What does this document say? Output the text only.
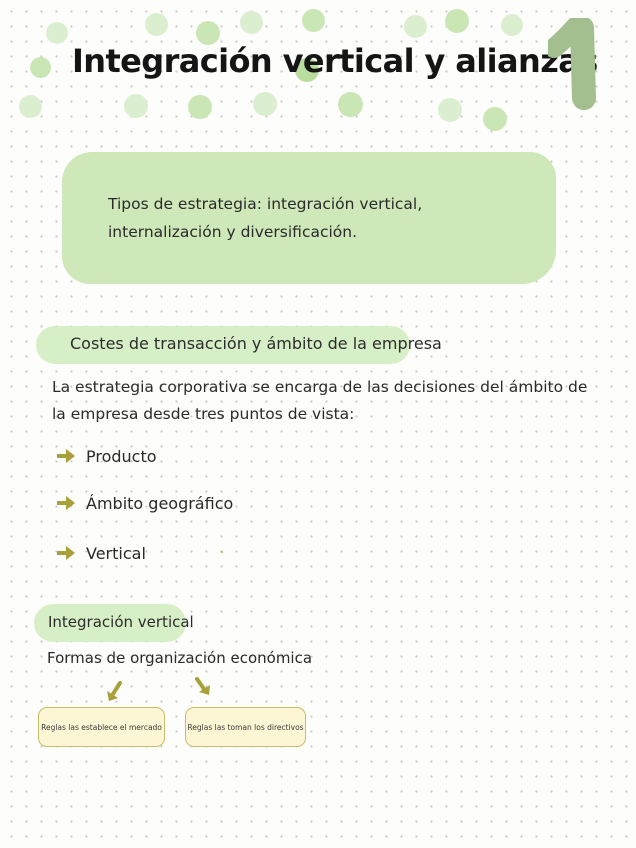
Integración vertical y alianzas

Tipos de estrategia: integración vertical, internalización y diversificación.

Costes de transacción y ámbito de la empresa

La estrategia corporativa se encarga de las decisiones del ámbito de la empresa desde tres puntos de vista:

Producto
Ámbito geográfico
Vertical

Integración vertical

Formas de organización económica

Reglas las establece el mercado	Reglas las toman los directivos
